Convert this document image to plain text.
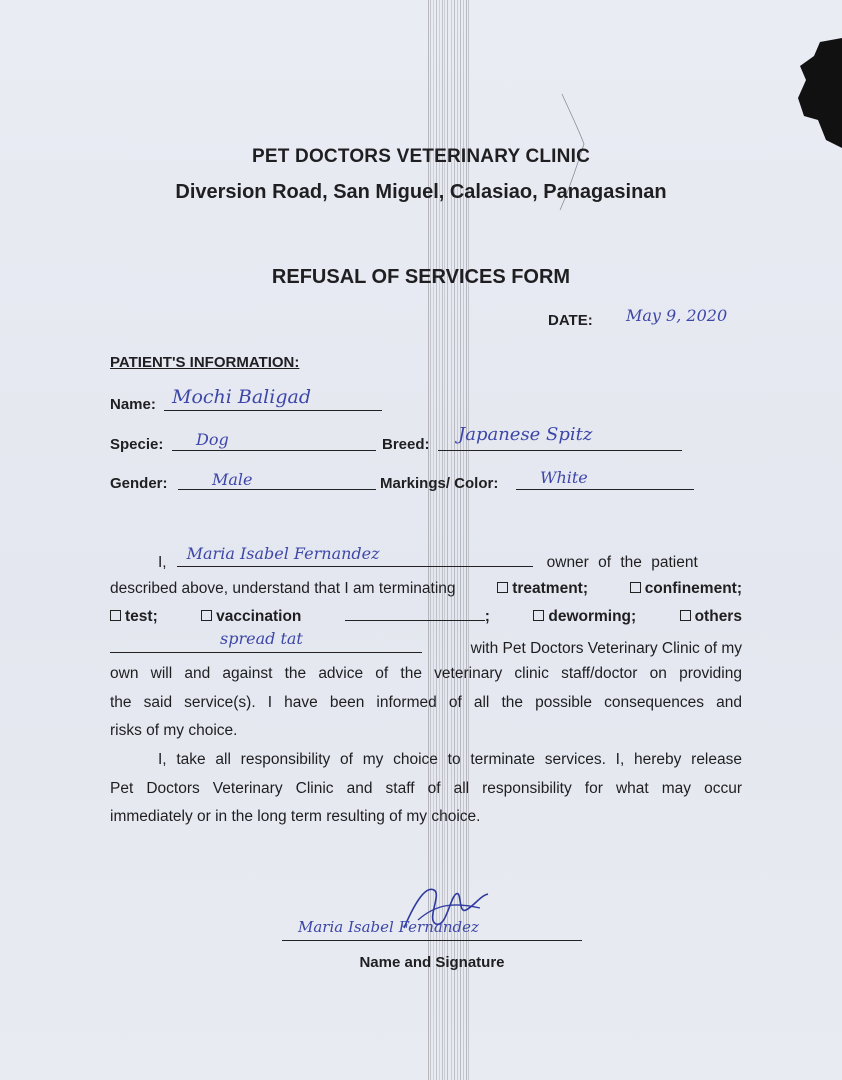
PET DOCTORS VETERINARY CLINIC
Diversion Road, San Miguel, Calasiao, Panagasinan
REFUSAL OF SERVICES FORM
DATE: May 9, 2020
PATIENT'S INFORMATION:
Name: Mochi Baligad
Specie: Dog	Breed: Japanese Spitz
Gender:	Male	Markings/ Color:	White
I, Maria Isabel Fernandez	owner of the patient
described above, understand that I am terminating	treatment;	confinement;
test;	vaccination	;	deworming;	others
spread tat
with Pet Doctors Veterinary Clinic of my
own will and against the advice of the veterinary clinic staff/doctor on providing
the said service(s). I have been informed of all the possible consequences and
risks of my choice.
I, take all responsibility of my choice to terminate services. I, hereby release
Pet Doctors Veterinary Clinic and staff of all responsibility for what may occur
immediately or in the long term resulting of my choice.
Maria Isabel Fernandez
Name and Signature
